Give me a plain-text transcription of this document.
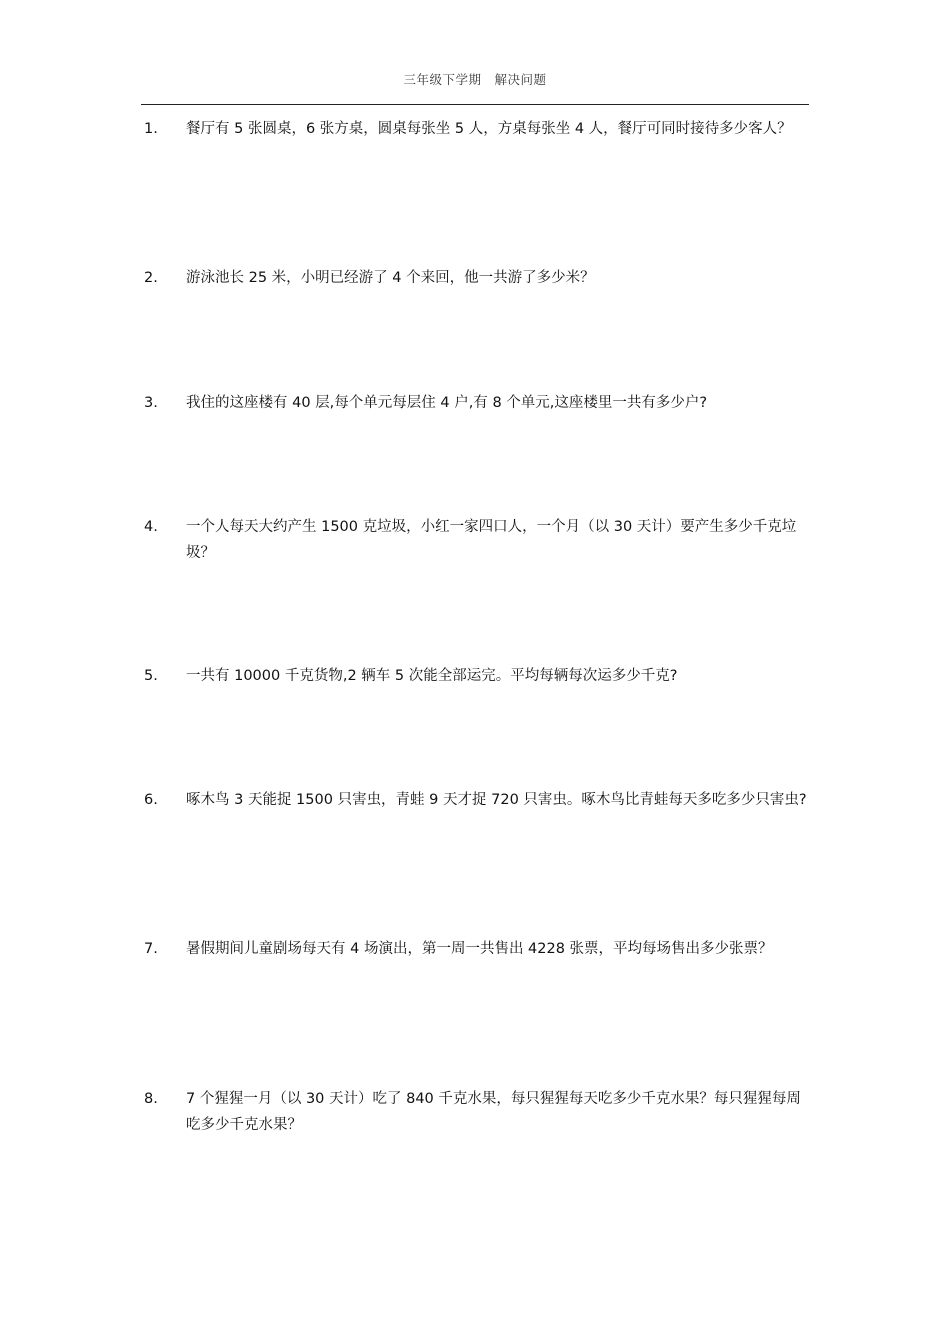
三年级下学期　解决问题
1.	餐厅有 5 张圆桌，6 张方桌，圆桌每张坐 5 人，方桌每张坐 4 人，餐厅可同时接待多少客人？
2.	游泳池长 25 米，小明已经游了 4 个来回，他一共游了多少米？
3.	我住的这座楼有 40 层,每个单元每层住 4 户,有 8 个单元,这座楼里一共有多少户?
4.	一个人每天大约产生 1500 克垃圾，小红一家四口人，一个月（以 30 天计）要产生多少千克垃圾？
5.	一共有 10000 千克货物,2 辆车 5 次能全部运完。平均每辆每次运多少千克?
6.	啄木鸟 3 天能捉 1500 只害虫，青蛙 9 天才捉 720 只害虫。啄木鸟比青蛙每天多吃多少只害虫?
7.	暑假期间儿童剧场每天有 4 场演出，第一周一共售出 4228 张票，平均每场售出多少张票？
8.	7 个猩猩一月（以 30 天计）吃了 840 千克水果，每只猩猩每天吃多少千克水果？每只猩猩每周吃多少千克水果？
